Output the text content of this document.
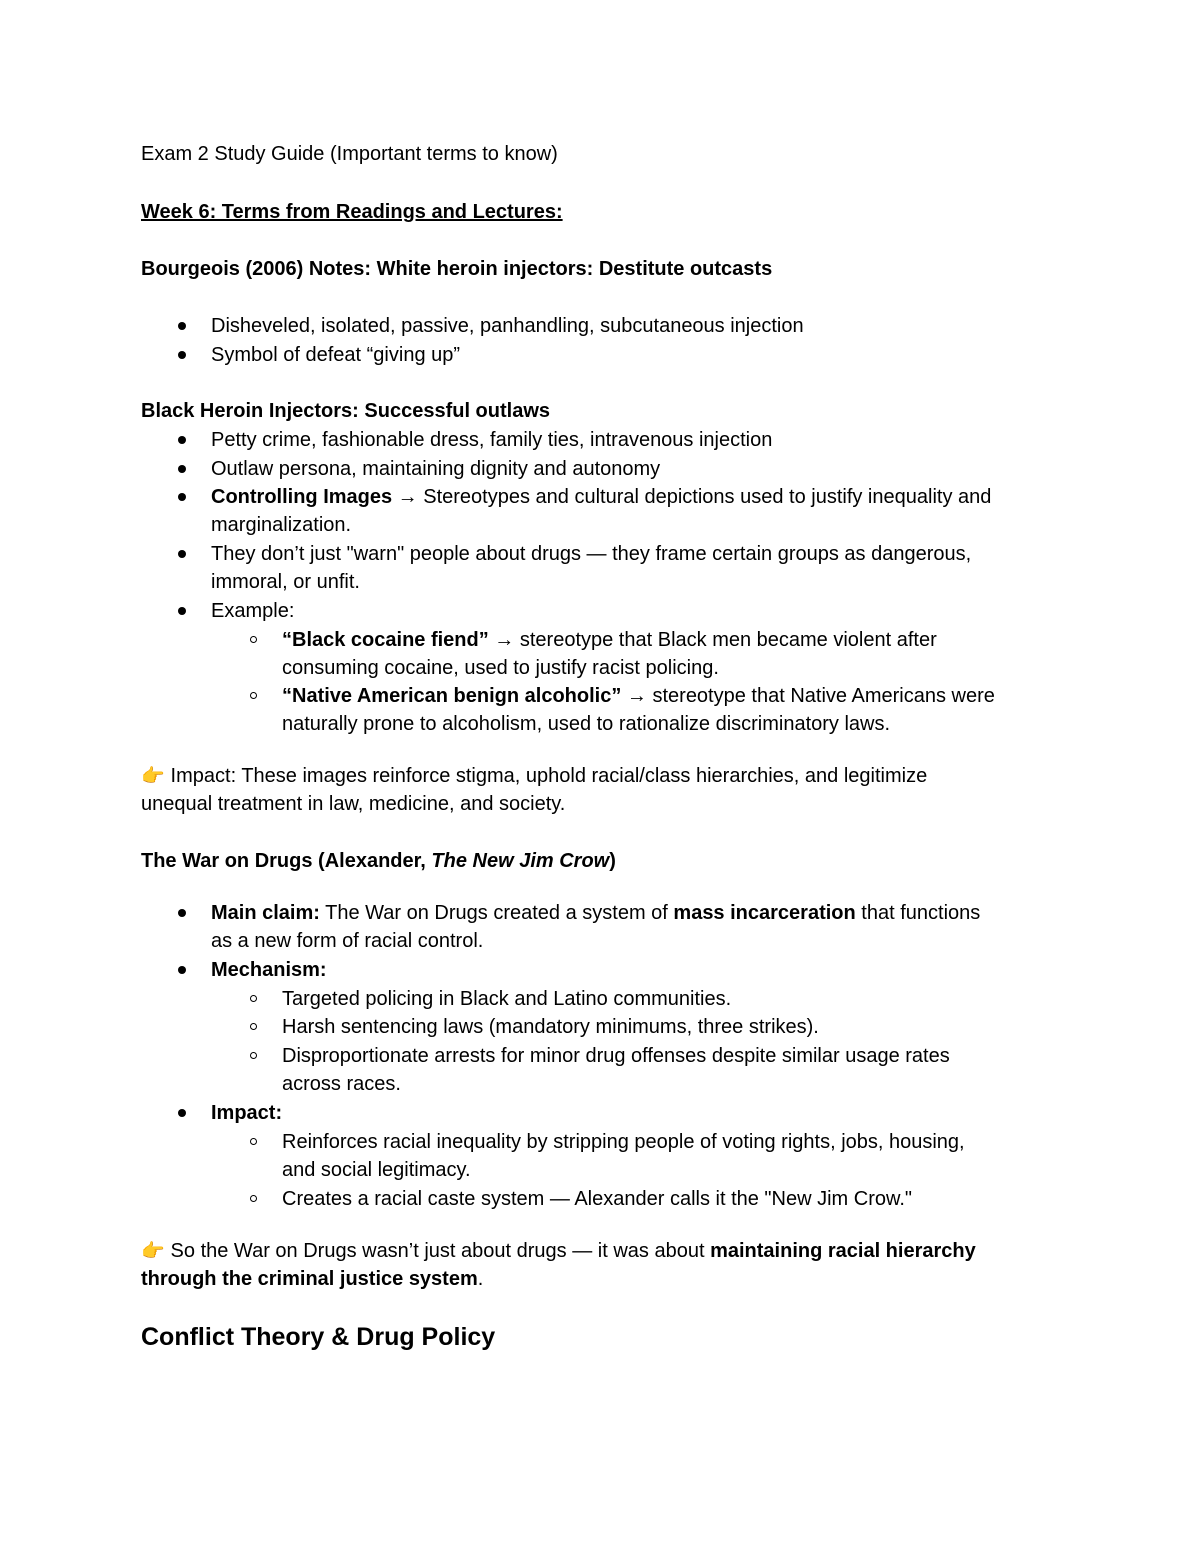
Exam 2 Study Guide (Important terms to know)
Week 6: Terms from Readings and Lectures:
Bourgeois (2006) Notes: White heroin injectors: Destitute outcasts
Disheveled, isolated, passive, panhandling, subcutaneous injection
Symbol of defeat “giving up”
Black Heroin Injectors: Successful outlaws
Petty crime, fashionable dress, family ties, intravenous injection
Outlaw persona, maintaining dignity and autonomy
Controlling Images → Stereotypes and cultural depictions used to justify inequality and
marginalization.
They don’t just "warn" people about drugs — they frame certain groups as dangerous,
immoral, or unfit.
Example:
“Black cocaine fiend” → stereotype that Black men became violent after
consuming cocaine, used to justify racist policing.
“Native American benign alcoholic” → stereotype that Native Americans were
naturally prone to alcoholism, used to rationalize discriminatory laws.
👉 Impact: These images reinforce stigma, uphold racial/class hierarchies, and legitimize
unequal treatment in law, medicine, and society.
The War on Drugs (Alexander, The New Jim Crow)
Main claim: The War on Drugs created a system of mass incarceration that functions
as a new form of racial control.
Mechanism:
Targeted policing in Black and Latino communities.
Harsh sentencing laws (mandatory minimums, three strikes).
Disproportionate arrests for minor drug offenses despite similar usage rates
across races.
Impact:
Reinforces racial inequality by stripping people of voting rights, jobs, housing,
and social legitimacy.
Creates a racial caste system — Alexander calls it the "New Jim Crow."
👉 So the War on Drugs wasn’t just about drugs — it was about maintaining racial hierarchy
through the criminal justice system.
Conflict Theory & Drug Policy
